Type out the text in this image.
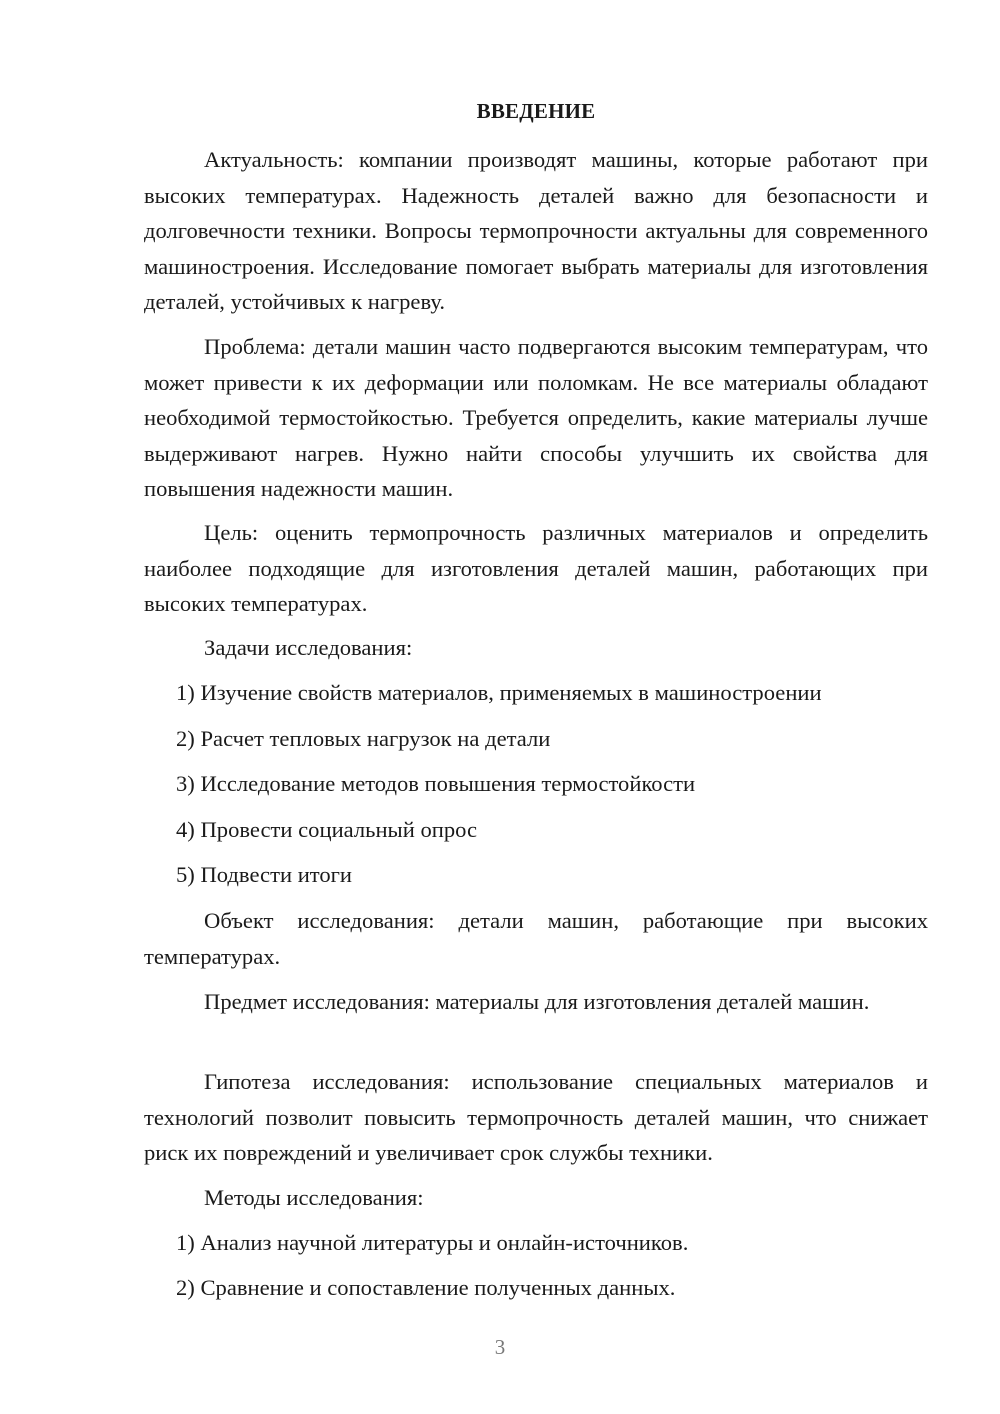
ВВЕДЕНИЕ

Актуальность: компании производят машины, которые работают при высоких температурах. Надежность деталей важно для безопасности и долговечности техники. Вопросы термопрочности актуальны для современного машиностроения. Исследование помогает выбрать материалы для изготовления деталей, устойчивых к нагреву.

Проблема: детали машин часто подвергаются высоким температурам, что может привести к их деформации или поломкам. Не все материалы обладают необходимой термостойкостью. Требуется определить, какие материалы лучше выдерживают нагрев. Нужно найти способы улучшить их свойства для повышения надежности машин.

Цель: оценить термопрочность различных материалов и определить наиболее подходящие для изготовления деталей машин, работающих при высоких температурах.

Задачи исследования:

1) Изучение свойств материалов, применяемых в машиностроении
2) Расчет тепловых нагрузок на детали
3) Исследование методов повышения термостойкости
4) Провести социальный опрос
5) Подвести итоги

Объект исследования: детали машин, работающие при высоких температурах.

Предмет исследования: материалы для изготовления деталей машин.

Гипотеза исследования: использование специальных материалов и технологий позволит повысить термопрочность деталей машин, что снижает риск их повреждений и увеличивает срок службы техники.

Методы исследования:

1) Анализ научной литературы и онлайн-источников.
2) Сравнение и сопоставление полученных данных.
3
